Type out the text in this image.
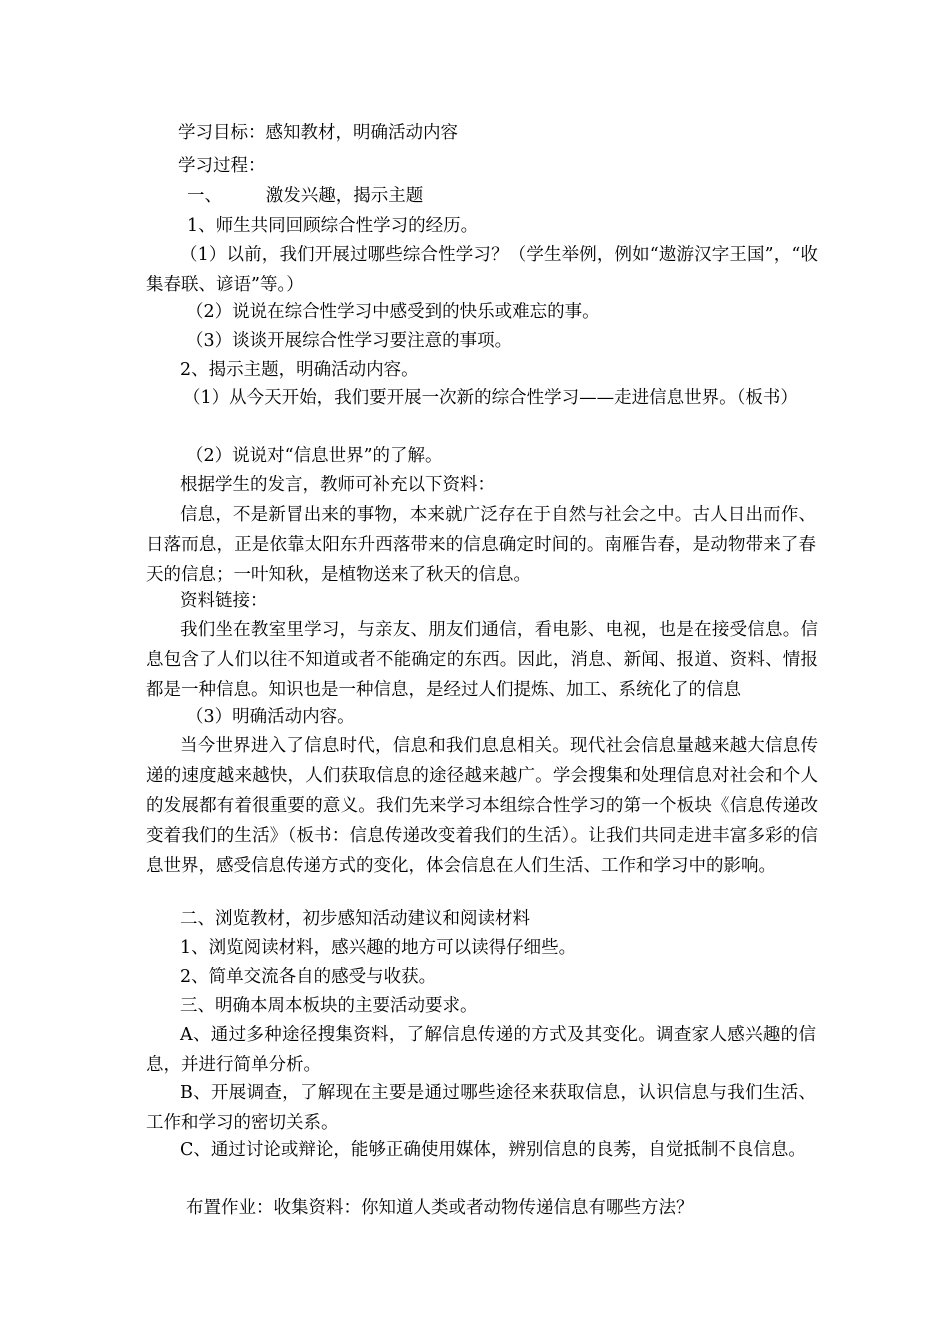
学习目标：感知教材，明确活动内容
学习过程：
一、　　　激发兴趣，揭示主题
1、师生共同回顾综合性学习的经历。
（1）以前，我们开展过哪些综合性学习？（学生举例，例如“遨游汉字王国”，“收集春联、谚语”等。）
（2）说说在综合性学习中感受到的快乐或难忘的事。
（3）谈谈开展综合性学习要注意的事项。
2、揭示主题，明确活动内容。
（1）从今天开始，我们要开展一次新的综合性学习——走进信息世界。（板书）
（2）说说对“信息世界”的了解。
根据学生的发言，教师可补充以下资料：
信息，不是新冒出来的事物，本来就广泛存在于自然与社会之中。古人日出而作、日落而息，正是依靠太阳东升西落带来的信息确定时间的。南雁告春，是动物带来了春天的信息；一叶知秋，是植物送来了秋天的信息。
资料链接：
我们坐在教室里学习，与亲友、朋友们通信，看电影、电视，也是在接受信息。信息包含了人们以往不知道或者不能确定的东西。因此，消息、新闻、报道、资料、情报都是一种信息。知识也是一种信息，是经过人们提炼、加工、系统化了的信息
（3）明确活动内容。
当今世界进入了信息时代，信息和我们息息相关。现代社会信息量越来越大信息传递的速度越来越快，人们获取信息的途径越来越广。学会搜集和处理信息对社会和个人的发展都有着很重要的意义。我们先来学习本组综合性学习的第一个板块《信息传递改变着我们的生活》（板书：信息传递改变着我们的生活）。让我们共同走进丰富多彩的信息世界，感受信息传递方式的变化，体会信息在人们生活、工作和学习中的影响。
二、浏览教材，初步感知活动建议和阅读材料
1、浏览阅读材料，感兴趣的地方可以读得仔细些。
2、简单交流各自的感受与收获。
三、明确本周本板块的主要活动要求。
A、通过多种途径搜集资料，了解信息传递的方式及其变化。调查家人感兴趣的信息，并进行简单分析。
B、开展调查，了解现在主要是通过哪些途径来获取信息，认识信息与我们生活、工作和学习的密切关系。
C、通过讨论或辩论，能够正确使用媒体，辨别信息的良莠，自觉抵制不良信息。
布置作业：收集资料：你知道人类或者动物传递信息有哪些方法？
